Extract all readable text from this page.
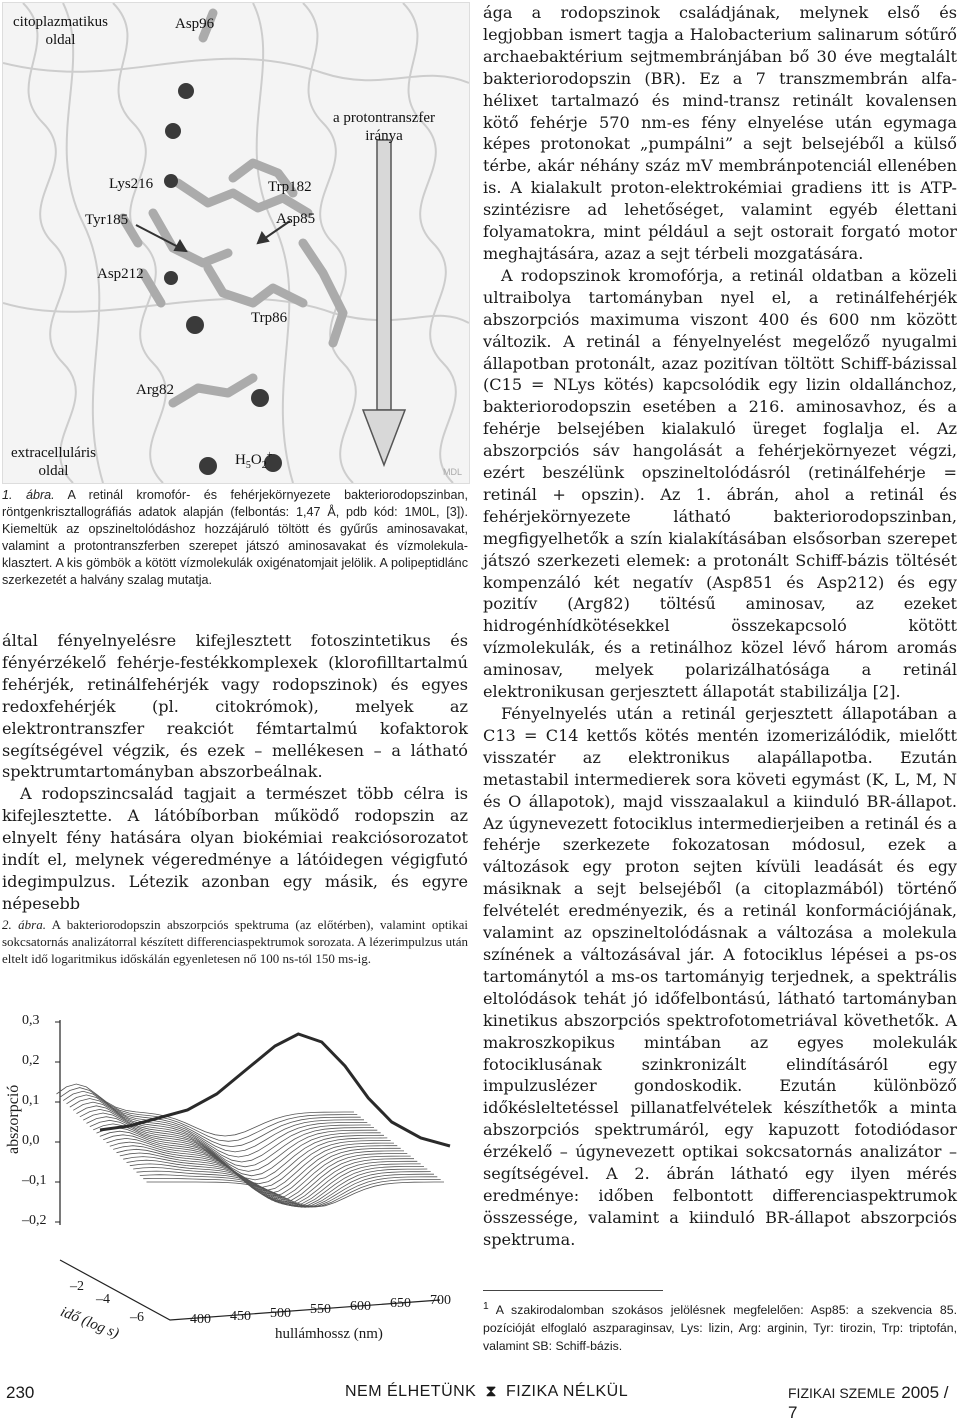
citoplazmatikus
oldal
Asp96
a protontranszfer
iránya
Lys216	Trp182
Tyr185	Asp85
Asp212
Trp86
Arg82
extracelluláris
oldal
$H_5O_2^+$
MDL
1. ábra. A retinál kromofór- és fehérjekörnyezete bakteriorodopszinban, röntgenkrisztallográfiás adatok alapján (felbontás: 1,47 Å, pdb kód: 1M0L, [3]). Kiemeltük az opszineltolódáshoz hozzájáruló töltött és gyűrűs aminosavakat, valamint a protontranszferben szerepet játszó aminosavakat és vízmolekula-klasztert. A kis gömbök a kötött vízmolekulák oxigénatomjait jelölik. A polipeptidlánc szerkezetét a halvány szalag mutatja.

által fényelnyelésre kifejlesztett fotoszintetikus és fényérzékelő fehérje-festékkomplexek (klorofilltartalmú fehérjék, retinálfehérjék vagy rodopszinok) és egyes redoxfehérjék (pl. citokrómok), melyek az elektrontranszfer reakciót fémtartalmú kofaktorok segítségével végzik, és ezek – mellékesen – a látható spektrumtartományban abszorbeálnak.

A rodopszincsalád tagjait a természet több célra is kifejlesztette. A látóbíborban működő rodopszin az elnyelt fény hatására olyan biokémiai reakciósorozatot indít el, melynek végeredménye a látóidegen végigfutó idegimpulzus. Létezik azonban egy másik, és egyre népesebb

2. ábra. A bakteriorodopszin abszorpciós spektruma (az előtérben), valamint optikai sokcsatornás analizátorral készített differenciaspektrumok sorozata. A lézerimpulzus után eltelt idő logaritmikus időskálán egyenletesen nő 100 ns-tól 150 ms-ig.
abszorpció
0,3
0,2
0,1
0,0
–0,1
–0,2
–2
–4
–6
idő (log s)	400 450 500 550 600 650 700
hullámhossz (nm)

ága a rodopszinok családjának, melynek első és legjobban ismert tagja a Halobacterium salinarum sótűrő archaebaktérium sejtmembránjában bő 30 éve megtalált bakteriorodopszin (BR). Ez a 7 transzmembrán alfa-hélixet tartalmazó és mind-transz retinált kovalensen kötő fehérje 570 nm-es fény elnyelése után egymaga képes protonokat „pumpálni” a sejt belsejéből a külső térbe, akár néhány száz mV membránpotenciál ellenében is. A kialakult proton-elektrokémiai gradiens itt is ATP-szintézisre ad lehetőséget, valamint egyéb élettani folyamatokra, mint például a sejt ostorait forgató motor meghajtására, azaz a sejt térbeli mozgatására.

A rodopszinok kromofórja, a retinál oldatban a közeli ultraibolya tartományban nyel el, a retinálfehérjék abszorpciós maximuma viszont 400 és 600 nm között változik. A retinál a fényelnyelést megelőző nyugalmi állapotban protonált, azaz pozitívan töltött Schiff-bázissal (C15 = NLys kötés) kapcsolódik egy lizin oldallánchoz, bakteriorodopszin esetében a 216. aminosavhoz, és a fehérje belsejében kialakuló üreget foglalja el. Az abszorpciós sáv hangolását a fehérjekörnyezet végzi, ezért beszélünk opszineltolódásról (retinálfehérje = retinál + opszin). Az 1. ábrán, ahol a retinál és fehérjekörnyezete látható bakteriorodopszinban, megfigyelhetők a szín kialakításában elsősorban szerepet játszó szerkezeti elemek: a protonált Schiff-bázis töltését kompenzáló két negatív (Asp851 és Asp212) és egy pozitív (Arg82) töltésű aminosav, az ezeket hidrogénhídkötésekkel összekapcsoló kötött vízmolekulák, és a retinálhoz közel lévő három aromás aminosav, melyek polarizálhatósága a retinál elektronikusan gerjesztett állapotát stabilizálja [2].

Fényelnyelés után a retinál gerjesztett állapotában a C13 = C14 kettős kötés mentén izomerizálódik, mielőtt visszatér az elektronikus alapállapotba. Ezután metastabil intermedierek sora követi egymást (K, L, M, N és O állapotok), majd visszaalakul a kiinduló BR-állapot. Az úgynevezett fotociklus intermedierjeiben a retinál és a fehérje szerkezete fokozatosan módosul, ezek a változások egy proton sejten kívüli leadását és egy másiknak a sejt belsejéből (a citoplazmából) történő felvételét eredményezik, és a retinál konformációjának, valamint az opszineltolódásnak a változása a molekula színének a változásával jár. A fotociklus lépései a ps-os tartománytól a ms-os tartományig terjednek, a spektrális eltolódások tehát jó időfelbontású, látható tartományban kinetikus abszorpciós spektrofotometriával követhetők. A makroszkopikus mintában az egyes molekulák fotociklusának szinkronizált elindításáról egy impulzuslézer gondoskodik. Ezután különböző időkésleltetéssel pillanatfelvételek készíthetők a minta abszorpciós spektrumáról, egy kapuzott fotodiódasor érzékelő – úgynevezett optikai sokcsatornás analizátor – segítségével. A 2. ábrán látható egy ilyen mérés eredménye: időben felbontott differenciaspektrumok összessége, valamint a kiinduló BR-állapot abszorpciós spektruma.

$^1$ A szakirodalomban szokásos jelölésnek megfelelően: Asp85: a szekvencia 85. pozícióját elfoglaló aszparaginsav, Lys: lizin, Arg: arginin, Tyr: tirozin, Trp: triptofán, valamint SB: Schiff-bázis.
230	NEM ÉLHETÜNK ⧗ FIZIKA NÉLKÜL	FIZIKAI SZEMLE 2005 / 7
